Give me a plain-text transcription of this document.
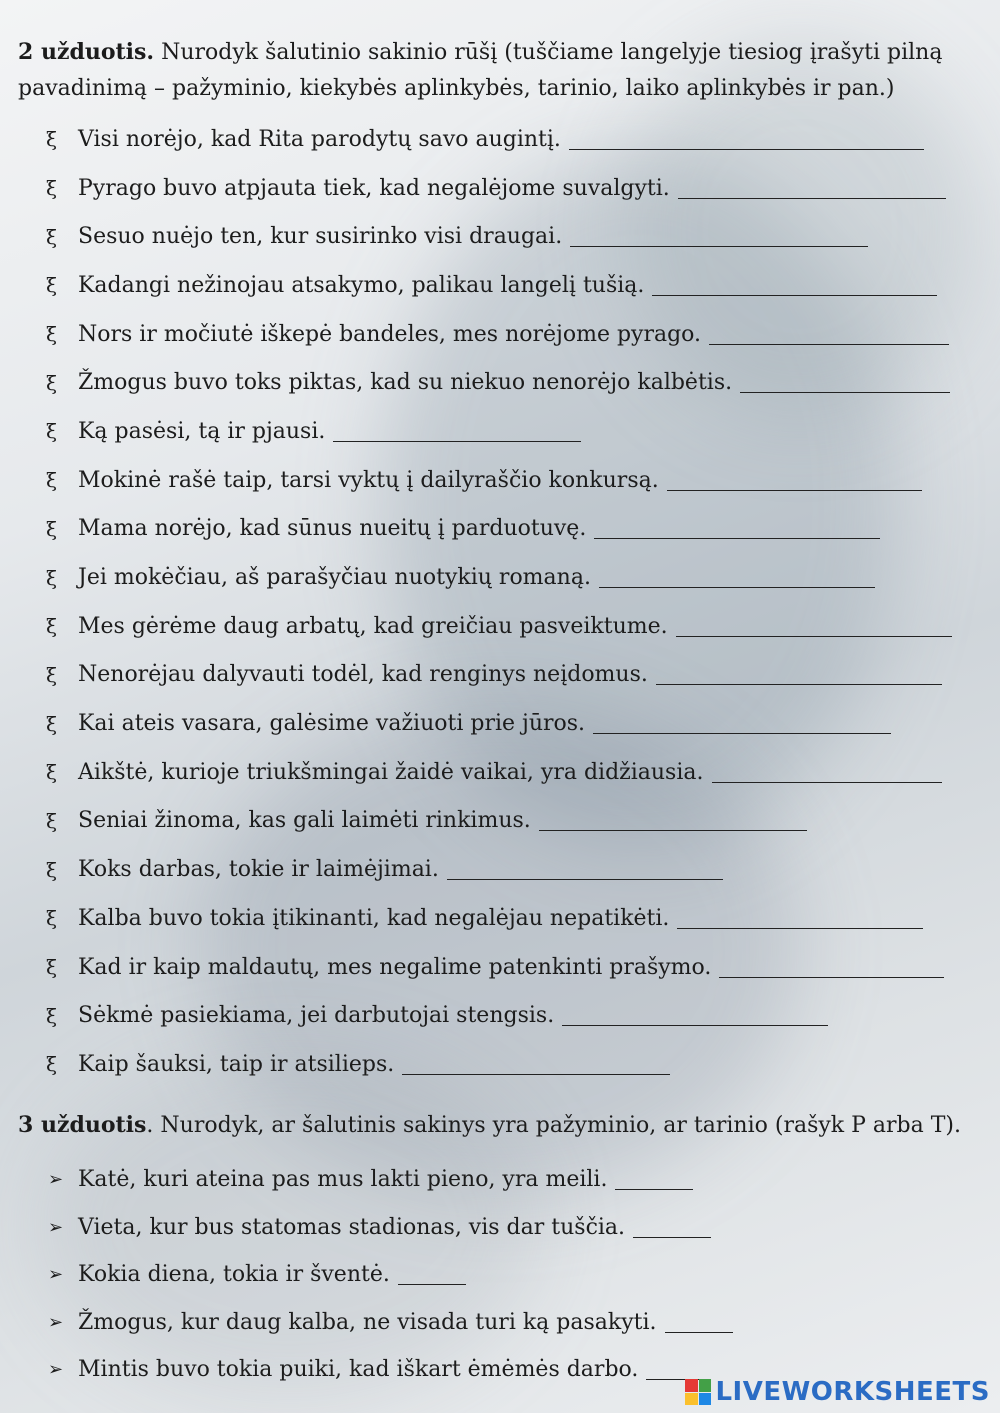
2 užduotis. Nurodyk šalutinio sakinio rūšį (tuščiame langelyje tiesiog įrašyti pilną pavadinimą – pažyminio, kiekybės aplinkybės, tarinio, laiko aplinkybės ir pan.)

ξ Visi norėjo, kad Rita parodytų savo augintį.
ξ Pyrago buvo atpjauta tiek, kad negalėjome suvalgyti.
ξ Sesuo nuėjo ten, kur susirinko visi draugai.
ξ Kadangi nežinojau atsakymo, palikau langelį tušią.
ξ Nors ir močiutė iškepė bandeles, mes norėjome pyrago.
ξ Žmogus buvo toks piktas, kad su niekuo nenorėjo kalbėtis.
ξ Ką pasėsi, tą ir pjausi.
ξ Mokinė rašė taip, tarsi vyktų į dailyraščio konkursą.
ξ Mama norėjo, kad sūnus nueitų į parduotuvę.
ξ Jei mokėčiau, aš parašyčiau nuotykių romaną.
ξ Mes gėrėme daug arbatų, kad greičiau pasveiktume.
ξ Nenorėjau dalyvauti todėl, kad renginys neįdomus.
ξ Kai ateis vasara, galėsime važiuoti prie jūros.
ξ Aikštė, kurioje triukšmingai žaidė vaikai, yra didžiausia.
ξ Seniai žinoma, kas gali laimėti rinkimus.
ξ Koks darbas, tokie ir laimėjimai.
ξ Kalba buvo tokia įtikinanti, kad negalėjau nepatikėti.
ξ Kad ir kaip maldautų, mes negalime patenkinti prašymo.
ξ Sėkmė pasiekiama, jei darbutojai stengsis.
ξ Kaip šauksi, taip ir atsilieps.

3 užduotis. Nurodyk, ar šalutinis sakinys yra pažyminio, ar tarinio (rašyk P arba T).

➢ Katė, kuri ateina pas mus lakti pieno, yra meili.
➢ Vieta, kur bus statomas stadionas, vis dar tuščia.
➢ Kokia diena, tokia ir šventė.
➢ Žmogus, kur daug kalba, ne visada turi ką pasakyti.
➢ Mintis buvo tokia puiki, kad iškart ėmėmės darbo.
LIVEWORKSHEETS
